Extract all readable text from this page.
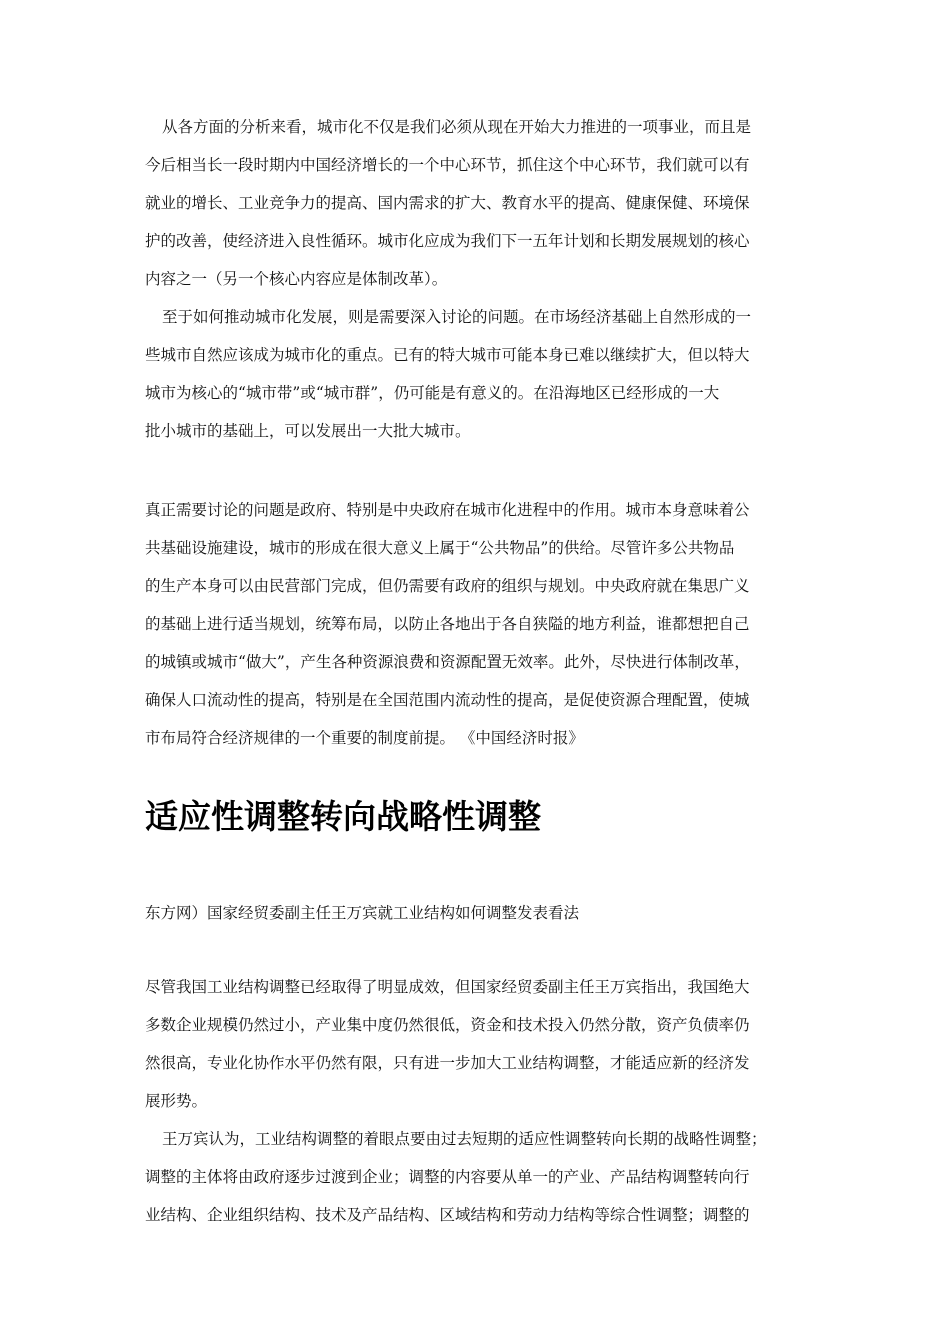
从各方面的分析来看，城市化不仅是我们必须从现在开始大力推进的一项事业，而且是
今后相当长一段时期内中国经济增长的一个中心环节，抓住这个中心环节，我们就可以有
就业的增长、工业竞争力的提高、国内需求的扩大、教育水平的提高、健康保健、环境保
护的改善，使经济进入良性循环。城市化应成为我们下一五年计划和长期发展规划的核心
内容之一（另一个核心内容应是体制改革）。
至于如何推动城市化发展，则是需要深入讨论的问题。在市场经济基础上自然形成的一
些城市自然应该成为城市化的重点。已有的特大城市可能本身已难以继续扩大，但以特大
城市为核心的“城市带”或“城市群”，仍可能是有意义的。在沿海地区已经形成的一大
批小城市的基础上，可以发展出一大批大城市。
真正需要讨论的问题是政府、特别是中央政府在城市化进程中的作用。城市本身意味着公
共基础设施建设，城市的形成在很大意义上属于“公共物品”的供给。尽管许多公共物品
的生产本身可以由民营部门完成，但仍需要有政府的组织与规划。中央政府就在集思广义
的基础上进行适当规划，统筹布局，以防止各地出于各自狭隘的地方利益，谁都想把自己
的城镇或城市“做大”，产生各种资源浪费和资源配置无效率。此外，尽快进行体制改革，
确保人口流动性的提高，特别是在全国范围内流动性的提高，是促使资源合理配置，使城
市布局符合经济规律的一个重要的制度前提。 《中国经济时报》
适应性调整转向战略性调整
东方网）国家经贸委副主任王万宾就工业结构如何调整发表看法
尽管我国工业结构调整已经取得了明显成效，但国家经贸委副主任王万宾指出，我国绝大
多数企业规模仍然过小，产业集中度仍然很低，资金和技术投入仍然分散，资产负债率仍
然很高，专业化协作水平仍然有限，只有进一步加大工业结构调整，才能适应新的经济发
展形势。
王万宾认为，工业结构调整的着眼点要由过去短期的适应性调整转向长期的战略性调整；
调整的主体将由政府逐步过渡到企业；调整的内容要从单一的产业、产品结构调整转向行
业结构、企业组织结构、技术及产品结构、区域结构和劳动力结构等综合性调整；调整的
